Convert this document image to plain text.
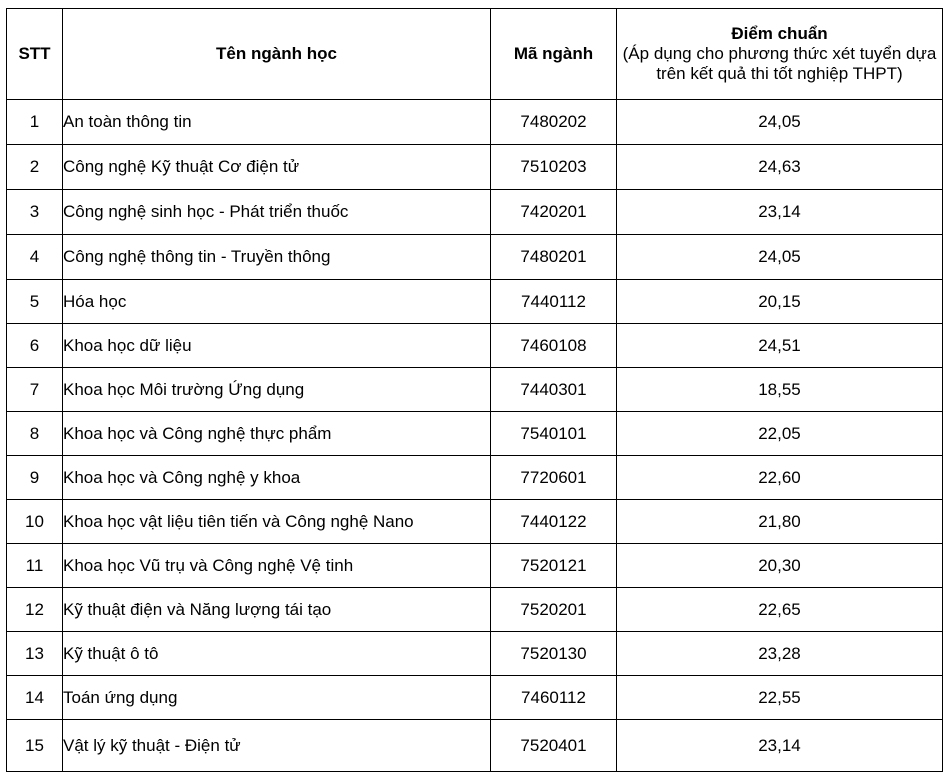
STT	Tên ngành học	Mã ngành	Điểm chuẩn
(Áp dụng cho phương thức xét tuyển dựa trên kết quả thi tốt nghiệp THPT)

1	An toàn thông tin	7480202	24,05
2	Công nghệ Kỹ thuật Cơ điện tử	7510203	24,63
3	Công nghệ sinh học - Phát triển thuốc	7420201	23,14
4	Công nghệ thông tin - Truyền thông	7480201	24,05
5	Hóa học	7440112	20,15
6	Khoa học dữ liệu	7460108	24,51
7	Khoa học Môi trường Ứng dụng	7440301	18,55
8	Khoa học và Công nghệ thực phẩm	7540101	22,05
9	Khoa học và Công nghệ y khoa	7720601	22,60
10	Khoa học vật liệu tiên tiến và Công nghệ Nano	7440122	21,80
11	Khoa học Vũ trụ và Công nghệ Vệ tinh	7520121	20,30
12	Kỹ thuật điện và Năng lượng tái tạo	7520201	22,65
13	Kỹ thuật ô tô	7520130	23,28
14	Toán ứng dụng	7460112	22,55
15	Vật lý kỹ thuật - Điện tử	7520401	23,14
